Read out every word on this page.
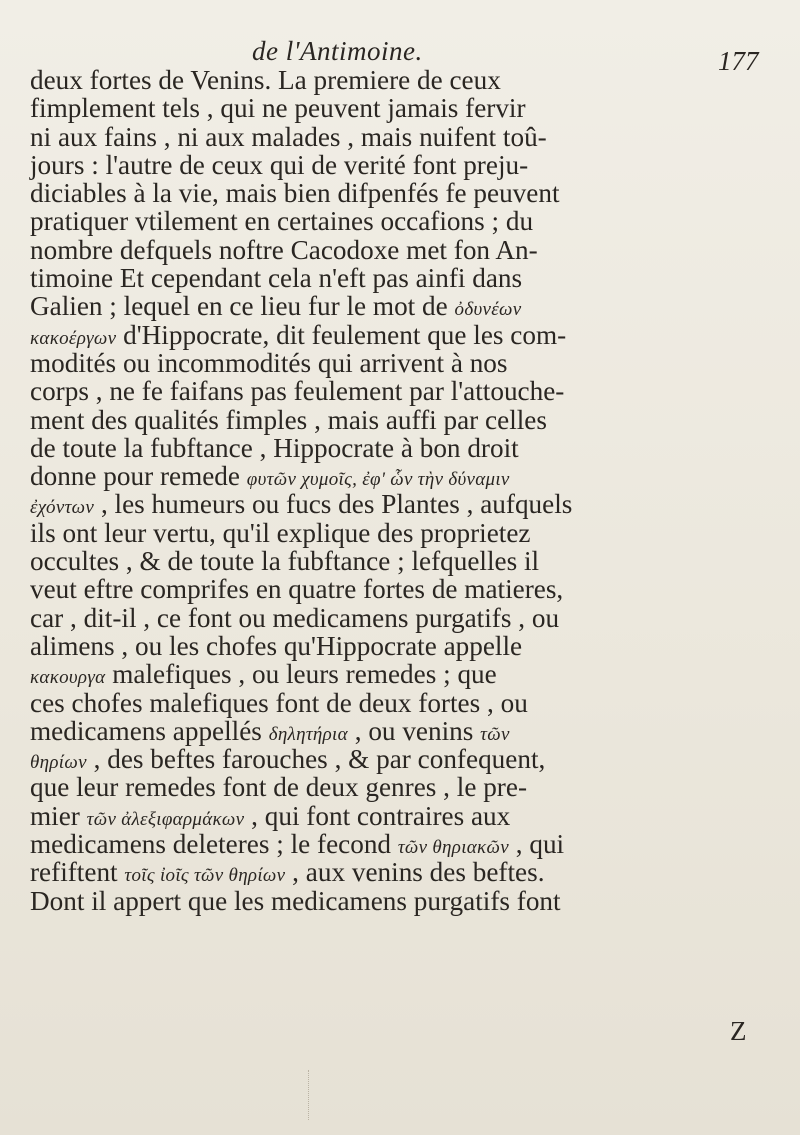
de l'Antimoine.	177
deux fortes de Venins. La premiere de ceux
fimplement tels , qui ne peuvent jamais fervir
ni aux fains , ni aux malades , mais nuifent toû-
jours : l'autre de ceux qui de verité font preju-
diciables à la vie, mais bien difpenfés fe peuvent
pratiquer vtilement en certaines occafions ; du
nombre defquels noftre Cacodoxe met fon An-
timoine Et cependant cela n'eft pas ainfi dans
Galien ; lequel en ce lieu fur le mot de ὀδυνέων
κακοέργων d'Hippocrate, dit feulement que les com-
modités ou incommodités qui arrivent à nos
corps , ne fe faifans pas feulement par l'attouche-
ment des qualités fimples , mais auffi par celles
de toute la fubftance , Hippocrate à bon droit
donne pour remede φυτῶν χυμοῖς, ἐφ' ὧν τὴν δύναμιν
ἐχόντων , les humeurs ou fucs des Plantes , aufquels
ils ont leur vertu, qu'il explique des proprietez
occultes , & de toute la fubftance ; lefquelles il
veut eftre comprifes en quatre fortes de matieres,
car , dit-il , ce font ou medicamens purgatifs , ou
alimens , ou les chofes qu'Hippocrate appelle
κακουργα malefiques , ou leurs remedes ; que
ces chofes malefiques font de deux fortes , ou
medicamens appellés δηλητήρια , ou venins τῶν
θηρίων , des beftes farouches , & par confequent,
que leur remedes font de deux genres , le pre-
mier τῶν ἀλεξιφαρμάκων , qui font contraires aux
medicamens deleteres ; le fecond τῶν θηριακῶν , qui
refiftent τοῖς ἰοῖς τῶν θηρίων , aux venins des beftes.
Dont il appert que les medicamens purgatifs font
Z
